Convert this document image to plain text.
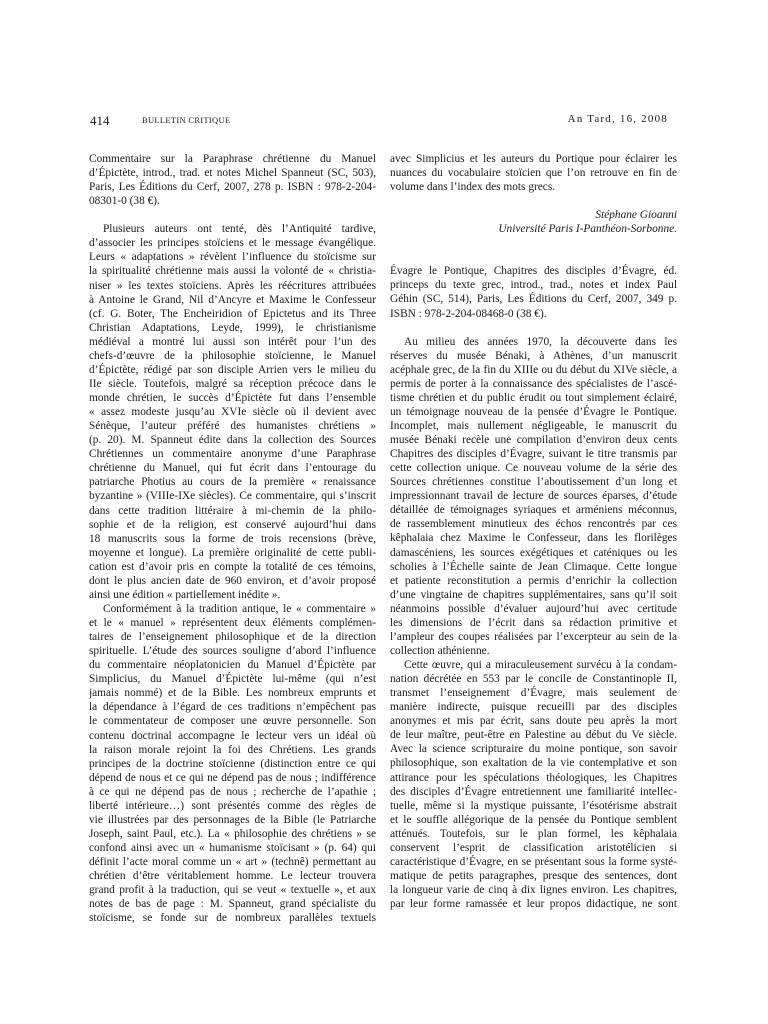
414	BULLETIN CRITIQUE	An Tard, 16, 2008
Commentaire sur la Paraphrase chrétienne du Manuel
d’Épictète, introd., trad. et notes Michel Spanneut (SC, 503),
Paris, Les Éditions du Cerf, 2007, 278 p. ISBN : 978-2-204-
08301-0 (38 €).
Plusieurs auteurs ont tenté, dès l’Antiquité tardive,
d’associer les principes stoïciens et le message évangélique.
Leurs « adaptations » révèlent l’influence du stoïcisme sur
la spiritualité chrétienne mais aussi la volonté de « christia-
niser » les textes stoïciens. Après les réécritures attribuées
à Antoine le Grand, Nil d’Ancyre et Maxime le Confesseur
(cf. G. Boter, The Encheiridion of Epictetus and its Three
Christian Adaptations, Leyde, 1999), le christianisme
médiéval a montré lui aussi son intérêt pour l’un des
chefs-d’œuvre de la philosophie stoïcienne, le Manuel
d’Épictète, rédigé par son disciple Arrien vers le milieu du
IIe siècle. Toutefois, malgré sa réception précoce dans le
monde chrétien, le succès d’Épictète fut dans l’ensemble
« assez modeste jusqu’au XVIe siècle où il devient avec
Sénèque, l’auteur préféré des humanistes chrétiens »
(p. 20). M. Spanneut édite dans la collection des Sources
Chrétiennes un commentaire anonyme d’une Paraphrase
chrétienne du Manuel, qui fut écrit dans l’entourage du
patriarche Photius au cours de la première « renaissance
byzantine » (VIIIe-IXe siècles). Ce commentaire, qui s’inscrit
dans cette tradition littéraire à mi-chemin de la philo-
sophie et de la religion, est conservé aujourd’hui dans
18 manuscrits sous la forme de trois recensions (brève,
moyenne et longue). La première originalité de cette publi-
cation est d’avoir pris en compte la totalité de ces témoins,
dont le plus ancien date de 960 environ, et d’avoir proposé
ainsi une édition « partiellement inédite ».
Conformément à la tradition antique, le « commentaire »
et le « manuel » représentent deux éléments complémen-
taires de l’enseignement philosophique et de la direction
spirituelle. L’étude des sources souligne d’abord l’influence
du commentaire néoplatonicien du Manuel d’Épictète par
Simplicius, du Manuel d’Épictète lui-même (qui n’est
jamais nommé) et de la Bible. Les nombreux emprunts et
la dépendance à l’égard de ces traditions n’empêchent pas
le commentateur de composer une œuvre personnelle. Son
contenu doctrinal accompagne le lecteur vers un idéal où
la raison morale rejoint la foi des Chrétiens. Les grands
principes de la doctrine stoïcienne (distinction entre ce qui
dépend de nous et ce qui ne dépend pas de nous ; indifférence
à ce qui ne dépend pas de nous ; recherche de l’apathie ;
liberté intérieure…) sont présentés comme des règles de
vie illustrées par des personnages de la Bible (le Patriarche
Joseph, saint Paul, etc.). La « philosophie des chrétiens » se
confond ainsi avec un « humanisme stoïcisant » (p. 64) qui
définit l’acte moral comme un « art » (technê) permettant au
chrétien d’être véritablement homme. Le lecteur trouvera
grand profit à la traduction, qui se veut « textuelle », et aux
notes de bas de page : M. Spanneut, grand spécialiste du
stoïcisme, se fonde sur de nombreux parallèles textuels
avec Simplicius et les auteurs du Portique pour éclairer les
nuances du vocabulaire stoïcien que l’on retrouve en fin de
volume dans l’index des mots grecs.
Stéphane Gioanni
Université Paris I-Panthéon-Sorbonne.
Évagre le Pontique, Chapitres des disciples d’Évagre, éd.
princeps du texte grec, introd., trad., notes et index Paul
Géhin (SC, 514), Paris, Les Éditions du Cerf, 2007, 349 p.
ISBN : 978-2-204-08468-0 (38 €).
Au milieu des années 1970, la découverte dans les
réserves du musée Bénaki, à Athènes, d’un manuscrit
acéphale grec, de la fin du XIIIe ou du début du XIVe siècle, a
permis de porter à la connaissance des spécialistes de l’ascé-
tisme chrétien et du public érudit ou tout simplement éclairé,
un témoignage nouveau de la pensée d’Évagre le Pontique.
Incomplet, mais nullement négligeable, le manuscrit du
musée Bénaki recèle une compilation d’environ deux cents
Chapitres des disciples d’Évagre, suivant le titre transmis par
cette collection unique. Ce nouveau volume de la série des
Sources chrétiennes constitue l’aboutissement d’un long et
impressionnant travail de lecture de sources éparses, d’étude
détaillée de témoignages syriaques et arméniens méconnus,
de rassemblement minutieux des échos rencontrés par ces
kêphalaia chez Maxime le Confesseur, dans les florilèges
damascéniens, les sources exégétiques et caténiques ou les
scholies à l’Échelle sainte de Jean Climaque. Cette longue
et patiente reconstitution a permis d’enrichir la collection
d’une vingtaine de chapitres supplémentaires, sans qu’il soit
néanmoins possible d’évaluer aujourd’hui avec certitude
les dimensions de l’écrit dans sa rédaction primitive et
l’ampleur des coupes réalisées par l’excerpteur au sein de la
collection athénienne.
Cette œuvre, qui a miraculeusement survécu à la condam-
nation décrétée en 553 par le concile de Constantinople II,
transmet l’enseignement d’Évagre, mais seulement de
manière indirecte, puisque recueilli par des disciples
anonymes et mis par écrit, sans doute peu après la mort
de leur maître, peut-être en Palestine au début du Ve siècle.
Avec la science scripturaire du moine pontique, son savoir
philosophique, son exaltation de la vie contemplative et son
attirance pour les spéculations théologiques, les Chapitres
des disciples d’Évagre entretiennent une familiarité intellec-
tuelle, même si la mystique puissante, l’ésotérisme abstrait
et le souffle allégorique de la pensée du Pontique semblent
atténués. Toutefois, sur le plan formel, les kêphalaia
conservent l’esprit de classification aristotélicien si
caractéristique d’Évagre, en se présentant sous la forme systé-
matique de petits paragraphes, presque des sentences, dont
la longueur varie de cinq à dix lignes environ. Les chapitres,
par leur forme ramassée et leur propos didactique, ne sont
